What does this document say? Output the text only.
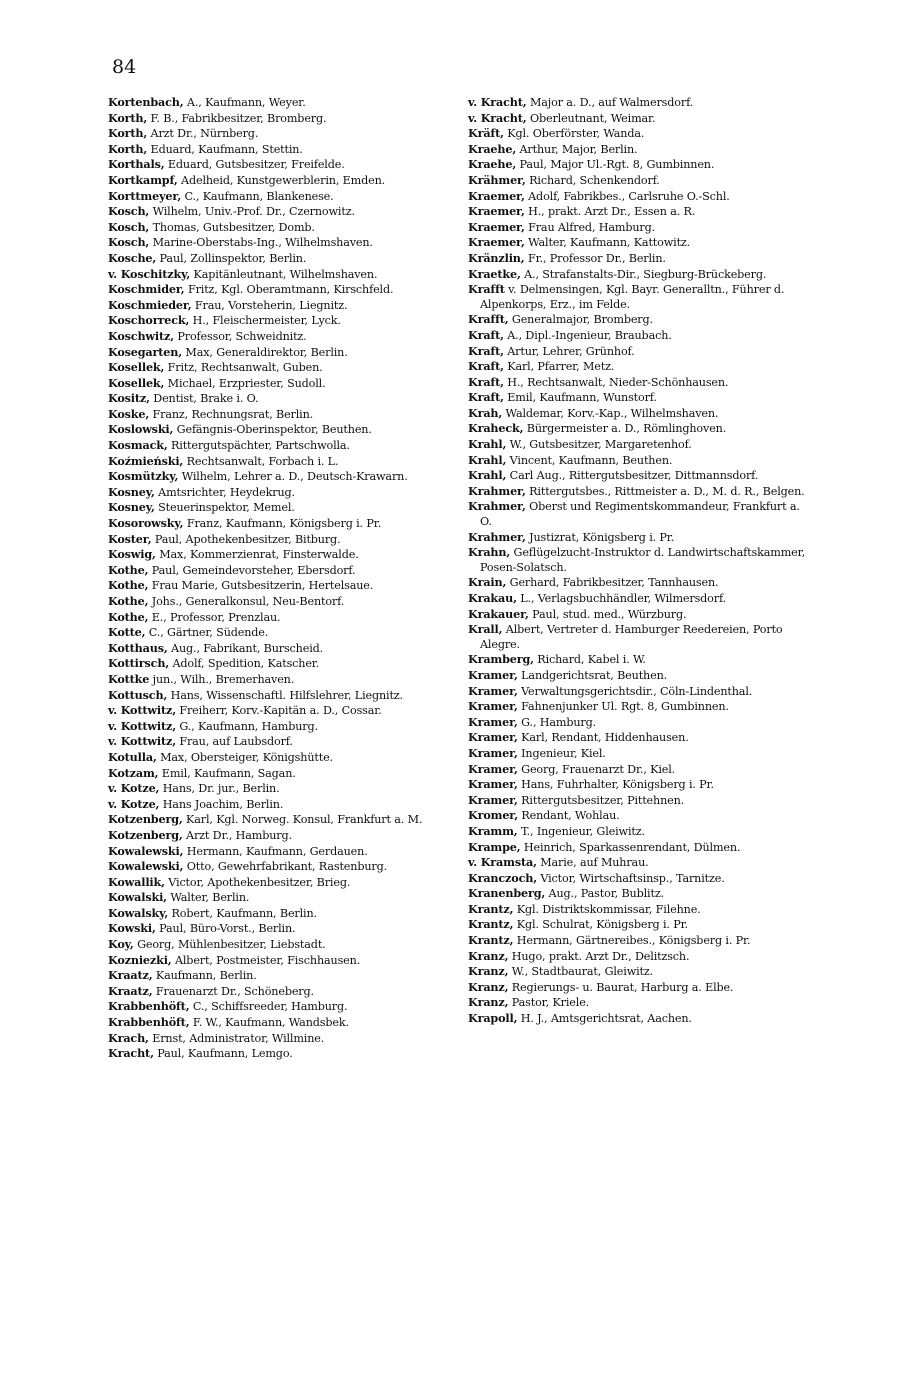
84

Kortenbach, A., Kaufmann, Weyer.

Korth, F. B., Fabrikbesitzer, Bromberg.

Korth, Arzt Dr., Nürnberg.

Korth, Eduard, Kaufmann, Stettin.

Korthals, Eduard, Gutsbesitzer, Freifelde.

Kortkampf, Adelheid, Kunstgewerblerin, Emden.

Korttmeyer, C., Kaufmann, Blankenese.

Kosch, Wilhelm, Univ.-Prof. Dr., Czernowitz.

Kosch, Thomas, Gutsbesitzer, Domb.

Kosch, Marine-Oberstabs-Ing., Wilhelmshaven.

Kosche, Paul, Zollinspektor, Berlin.

v. Koschitzky, Kapitänleutnant, Wilhelmshaven.

Koschmider, Fritz, Kgl. Oberamtmann, Kirschfeld.

Koschmieder, Frau, Vorsteherin, Liegnitz.

Koschorreck, H., Fleischermeister, Lyck.

Koschwitz, Professor, Schweidnitz.

Kosegarten, Max, Generaldirektor, Berlin.

Kosellek, Fritz, Rechtsanwalt, Guben.

Kosellek, Michael, Erzpriester, Sudoll.

Kositz, Dentist, Brake i. O.

Koske, Franz, Rechnungsrat, Berlin.

Koslowski, Gefängnis-Oberinspektor, Beuthen.

Kosmack, Rittergutspächter, Partschwolla.

Koźmieński, Rechtsanwalt, Forbach i. L.

Kosmützky, Wilhelm, Lehrer a. D., Deutsch-Krawarn.

Kosney, Amtsrichter, Heydekrug.

Kosney, Steuerinspektor, Memel.

Kosorowsky, Franz, Kaufmann, Königsberg i. Pr.

Koster, Paul, Apothekenbesitzer, Bitburg.

Koswig, Max, Kommerzienrat, Finsterwalde.

Kothe, Paul, Gemeindevorsteher, Ebersdorf.

Kothe, Frau Marie, Gutsbesitzerin, Hertelsaue.

Kothe, Johs., Generalkonsul, Neu-Bentorf.

Kothe, E., Professor, Prenzlau.

Kotte, C., Gärtner, Südende.

Kotthaus, Aug., Fabrikant, Burscheid.

Kottirsch, Adolf, Spedition, Katscher.

Kottke jun., Wilh., Bremerhaven.

Kottusch, Hans, Wissenschaftl. Hilfslehrer, Liegnitz.

v. Kottwitz, Freiherr, Korv.-Kapitän a. D., Cossar.

v. Kottwitz, G., Kaufmann, Hamburg.

v. Kottwitz, Frau, auf Laubsdorf.

Kotulla, Max, Obersteiger, Königshütte.

Kotzam, Emil, Kaufmann, Sagan.

v. Kotze, Hans, Dr. jur., Berlin.

v. Kotze, Hans Joachim, Berlin.

Kotzenberg, Karl, Kgl. Norweg. Konsul, Frankfurt a. M.

Kotzenberg, Arzt Dr., Hamburg.

Kowalewski, Hermann, Kaufmann, Gerdauen.

Kowalewski, Otto, Gewehrfabrikant, Rastenburg.

Kowallik, Victor, Apothekenbesitzer, Brieg.

Kowalski, Walter, Berlin.

Kowalsky, Robert, Kaufmann, Berlin.

Kowski, Paul, Büro-Vorst., Berlin.

Koy, Georg, Mühlenbesitzer, Liebstadt.

Kozniezki, Albert, Postmeister, Fischhausen.

Kraatz, Kaufmann, Berlin.

Kraatz, Frauenarzt Dr., Schöneberg.

Krabbenhöft, C., Schiffsreeder, Hamburg.

Krabbenhöft, F. W., Kaufmann, Wandsbek.

Krach, Ernst, Administrator, Willmine.

Kracht, Paul, Kaufmann, Lemgo.

v. Kracht, Major a. D., auf Walmersdorf.

v. Kracht, Oberleutnant, Weimar.

Kräft, Kgl. Oberförster, Wanda.

Kraehe, Arthur, Major, Berlin.

Kraehe, Paul, Major Ul.-Rgt. 8, Gumbinnen.

Krähmer, Richard, Schenkendorf.

Kraemer, Adolf, Fabrikbes., Carlsruhe O.-Schl.

Kraemer, H., prakt. Arzt Dr., Essen a. R.

Kraemer, Frau Alfred, Hamburg.

Kraemer, Walter, Kaufmann, Kattowitz.

Kränzlin, Fr., Professor Dr., Berlin.

Kraetke, A., Strafanstalts-Dir., Siegburg-Brückeberg.

Krafft v. Delmensingen, Kgl. Bayr. Generalltn., Führer d. Alpenkorps, Erz., im Felde.

Krafft, Generalmajor, Bromberg.

Kraft, A., Dipl.-Ingenieur, Braubach.

Kraft, Artur, Lehrer, Grünhof.

Kraft, Karl, Pfarrer, Metz.

Kraft, H., Rechtsanwalt, Nieder-Schönhausen.

Kraft, Emil, Kaufmann, Wunstorf.

Krah, Waldemar, Korv.-Kap., Wilhelmshaven.

Kraheck, Bürgermeister a. D., Römlinghoven.

Krahl, W., Gutsbesitzer, Margaretenhof.

Krahl, Vincent, Kaufmann, Beuthen.

Krahl, Carl Aug., Rittergutsbesitzer, Dittmannsdorf.

Krahmer, Rittergutsbes., Rittmeister a. D., M. d. R., Belgen.

Krahmer, Oberst und Regimentskommandeur, Frankfurt a. O.

Krahmer, Justizrat, Königsberg i. Pr.

Krahn, Geflügelzucht-Instruktor d. Landwirtschaftskammer, Posen-Solatsch.

Krain, Gerhard, Fabrikbesitzer, Tannhausen.

Krakau, L., Verlagsbuchhändler, Wilmersdorf.

Krakauer, Paul, stud. med., Würzburg.

Krall, Albert, Vertreter d. Hamburger Reedereien, Porto Alegre.

Kramberg, Richard, Kabel i. W.

Kramer, Landgerichtsrat, Beuthen.

Kramer, Verwaltungsgerichtsdir., Cöln-Lindenthal.

Kramer, Fahnenjunker Ul. Rgt. 8, Gumbinnen.

Kramer, G., Hamburg.

Kramer, Karl, Rendant, Hiddenhausen.

Kramer, Ingenieur, Kiel.

Kramer, Georg, Frauenarzt Dr., Kiel.

Kramer, Hans, Fuhrhalter, Königsberg i. Pr.

Kramer, Rittergutsbesitzer, Pittehnen.

Kromer, Rendant, Wohlau.

Kramm, T., Ingenieur, Gleiwitz.

Krampe, Heinrich, Sparkassenrendant, Dülmen.

v. Kramsta, Marie, auf Muhrau.

Kranczoch, Victor, Wirtschaftsinsp., Tarnitze.

Kranenberg, Aug., Pastor, Bublitz.

Krantz, Kgl. Distriktskommissar, Filehne.

Krantz, Kgl. Schulrat, Königsberg i. Pr.

Krantz, Hermann, Gärtnereibes., Königsberg i. Pr.

Kranz, Hugo, prakt. Arzt Dr., Delitzsch.

Kranz, W., Stadtbaurat, Gleiwitz.

Kranz, Regierungs- u. Baurat, Harburg a. Elbe.

Kranz, Pastor, Kriele.

Krapoll, H. J., Amtsgerichtsrat, Aachen.
